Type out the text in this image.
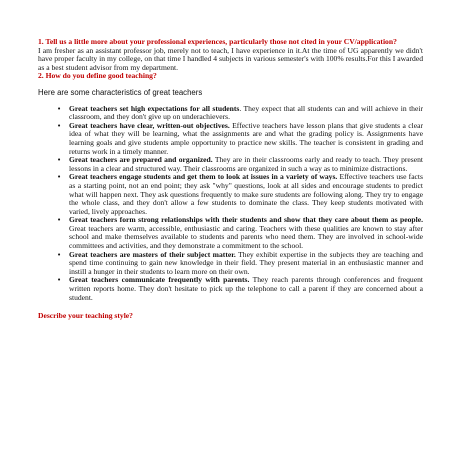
1. Tell us a little more about your professional experiences, particularly those not cited in your CV/application?
I am fresher as an assistant professor job, merely not to teach, I have experience in it.At the time of UG apparently we didn't have proper faculty in my college, on that time I handled 4 subjects in various semester's with 100% results.For this I awarded as a best student advisor from my department.
2. How do you define good teaching?
Here are some characteristics of great teachers
• Great teachers set high expectations for all students. They expect that all students can and will achieve in their classroom, and they don't give up on underachievers.
• Great teachers have clear, written-out objectives. Effective teachers have lesson plans that give students a clear idea of what they will be learning, what the assignments are and what the grading policy is. Assignments have learning goals and give students ample opportunity to practice new skills. The teacher is consistent in grading and returns work in a timely manner.
• Great teachers are prepared and organized. They are in their classrooms early and ready to teach. They present lessons in a clear and structured way. Their classrooms are organized in such a way as to minimize distractions.
• Great teachers engage students and get them to look at issues in a variety of ways. Effective teachers use facts as a starting point, not an end point; they ask "why" questions, look at all sides and encourage students to predict what will happen next. They ask questions frequently to make sure students are following along. They try to engage the whole class, and they don't allow a few students to dominate the class. They keep students motivated with varied, lively approaches.
• Great teachers form strong relationships with their students and show that they care about them as people. Great teachers are warm, accessible, enthusiastic and caring. Teachers with these qualities are known to stay after school and make themselves available to students and parents who need them. They are involved in school-wide committees and activities, and they demonstrate a commitment to the school.
• Great teachers are masters of their subject matter. They exhibit expertise in the subjects they are teaching and spend time continuing to gain new knowledge in their field. They present material in an enthusiastic manner and instill a hunger in their students to learn more on their own.
• Great teachers communicate frequently with parents. They reach parents through conferences and frequent written reports home. They don't hesitate to pick up the telephone to call a parent if they are concerned about a student.
Describe your teaching style?
